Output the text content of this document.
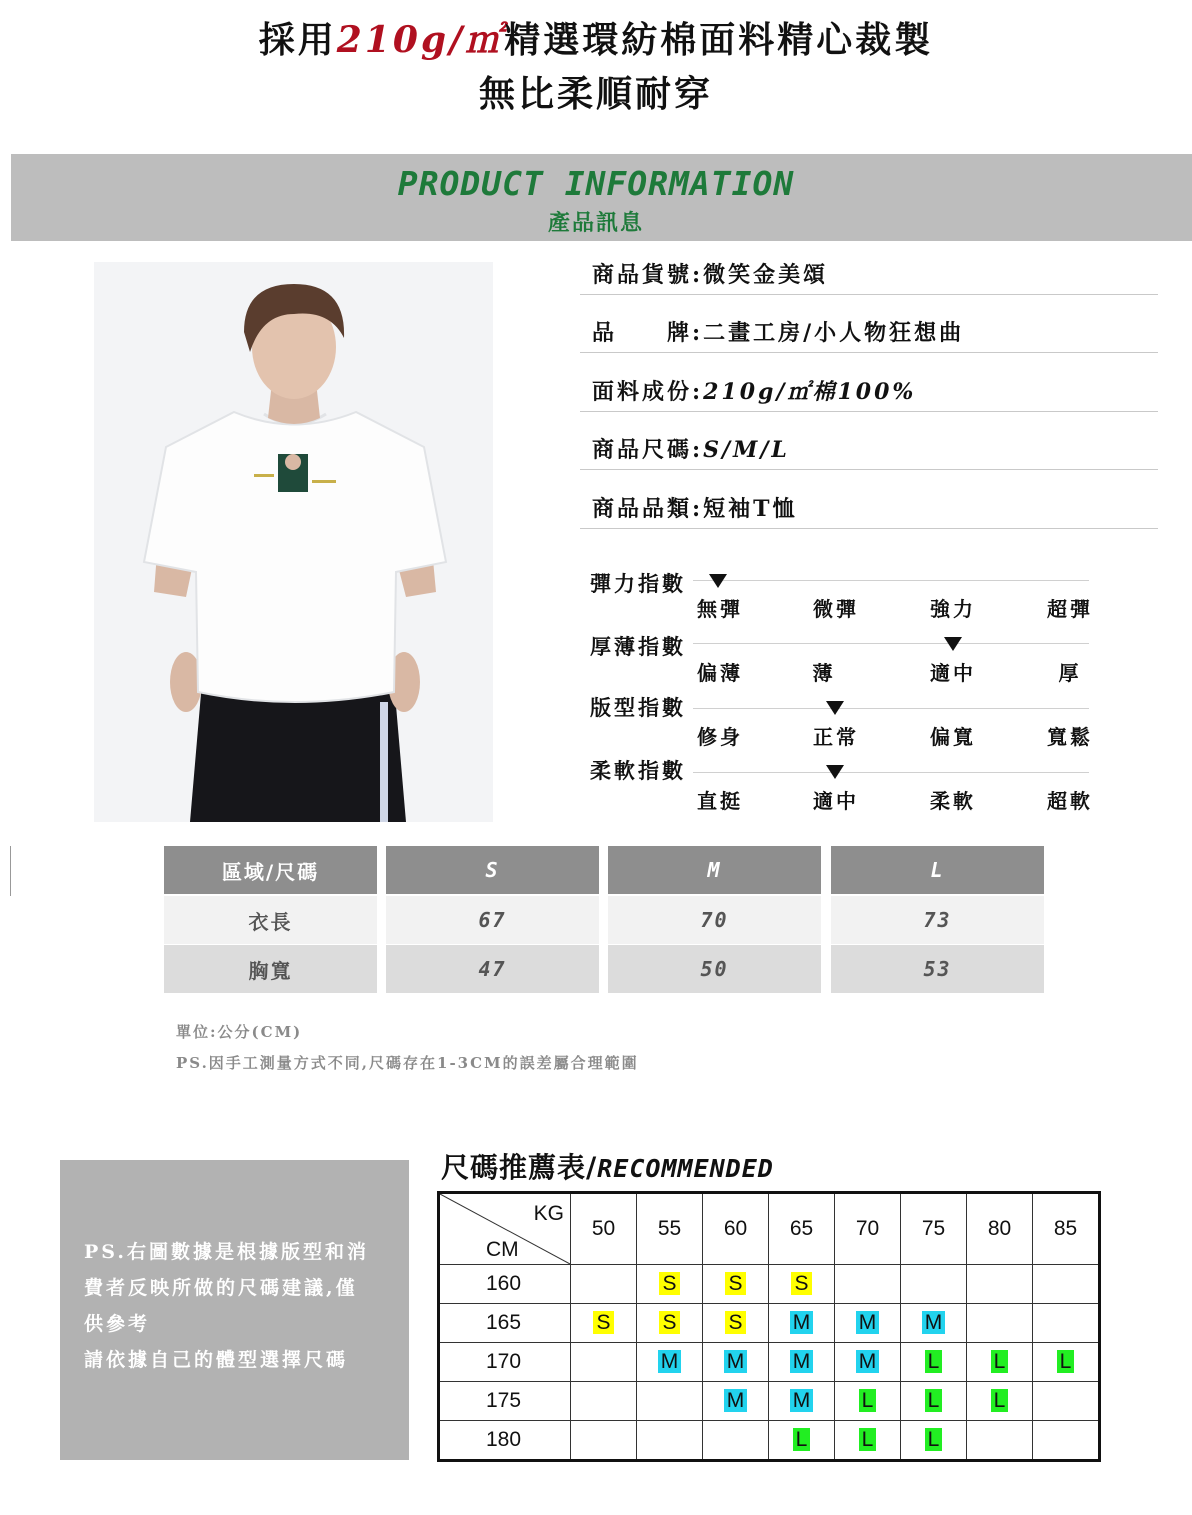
採用210g/㎡精選環紡棉面料精心裁製
無比柔順耐穿
PRODUCT INFORMATION
產品訊息
商品貨號:微笑金美頌
品　　牌:二畫工房/小人物狂想曲
面料成份:210g/㎡棉100%
商品尺碼:S/M/L
商品品類:短袖T恤
彈力指數
無彈	微彈	強力	超彈
厚薄指數
偏薄	薄	適中	厚
版型指數
修身	正常	偏寬	寬鬆
柔軟指數
直挺	適中	柔軟	超軟
區域/尺碼	S	M	L
衣長	67	70	73
胸寬	47	50	53
單位:公分(CM)
PS.因手工測量方式不同,尺碼存在1-3CM的誤差屬合理範圍
PS.右圖數據是根據版型和消
費者反映所做的尺碼建議,僅
供參考
請依據自己的體型選擇尺碼
尺碼推薦表/RECOMMENDED
KG
CM	50	55	60	65	70	75	80	85
160		S	S	S				
165	S	S	S	M	M	M		
170		M	M	M	M	L	L	L
175			M	M	L	L	L	
180				L	L	L		
